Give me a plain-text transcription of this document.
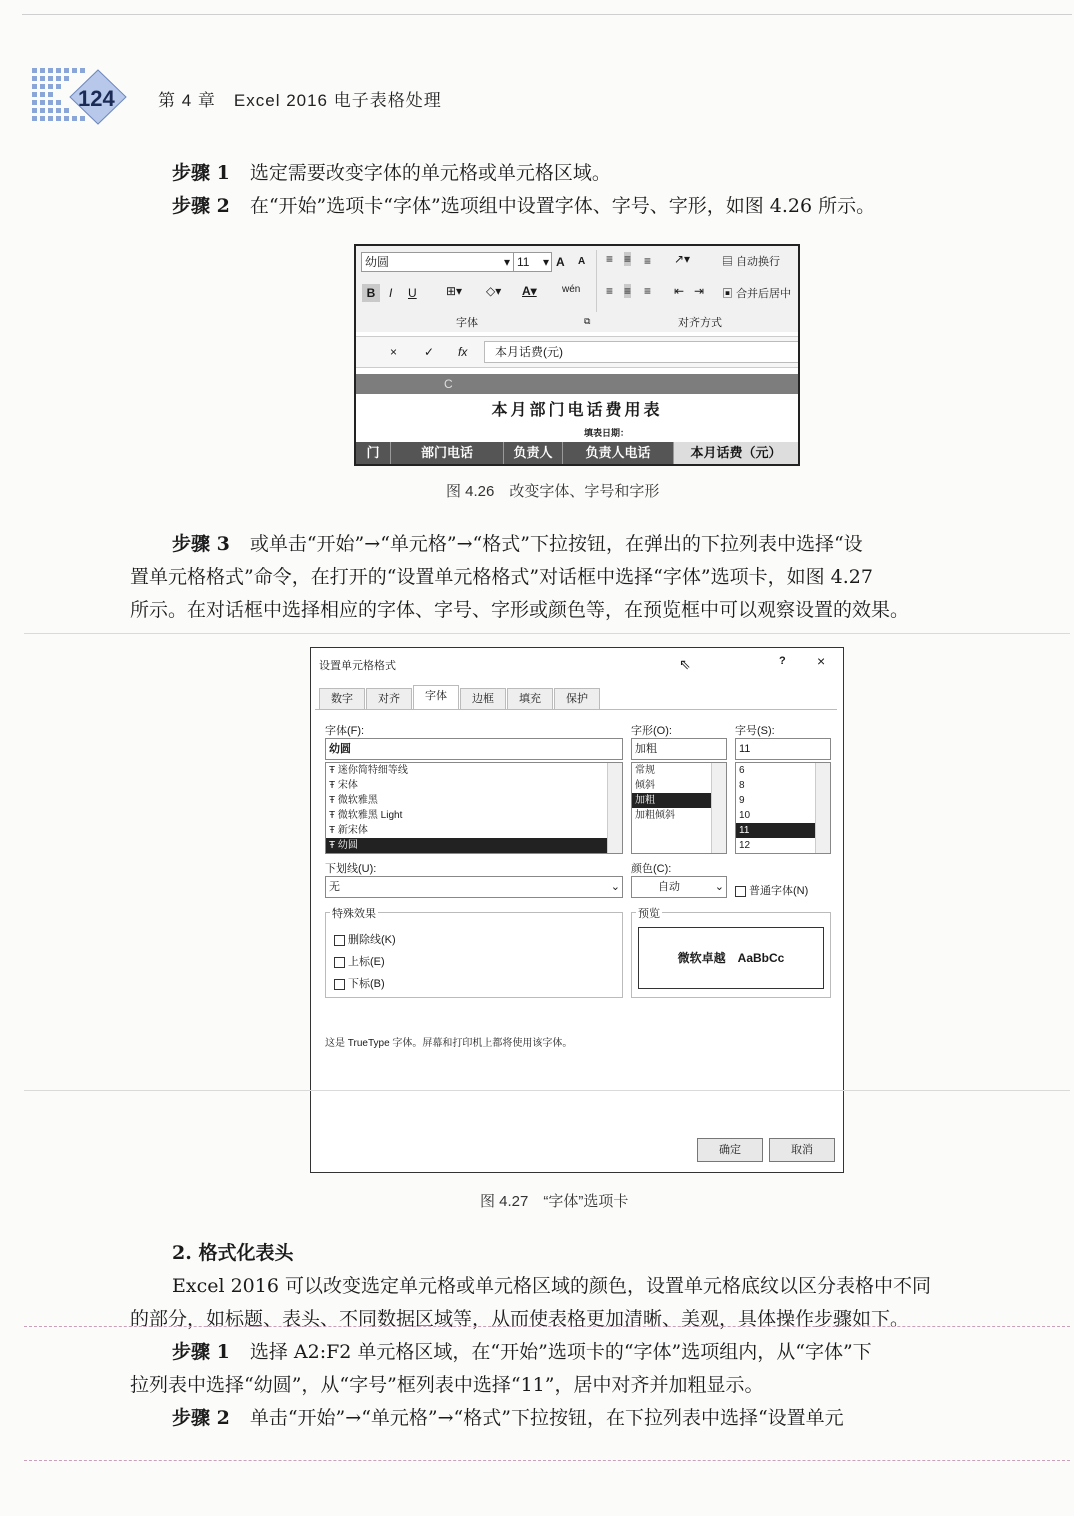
124	第 4 章　Excel 2016 电子表格处理
步骤 1 选定需要改变字体的单元格或单元格区域。
步骤 2 在“开始”选项卡“字体”选项组中设置字体、字号、字形，如图 4.26 所示。
幼圆	▾ 11 ▾ A A
B	I U ⊞▾ ◇▾ A▾	wén
≡ ≡ ≡ ↗▾	▤ 自动换行
≡ ≡ ≡ ⇤ ⇥ ▣ 合并后居中
字体	⧉	对齐方式
× ✓ fx	本月话费(元)
C
本月部门电话费用表
填表日期：
门	部门电话	负责人	负责人电话	本月话费（元）
图 4.26　改变字体、字号和字形
步骤 3 或单击“开始”→“单元格”→“格式”下拉按钮，在弹出的下拉列表中选择“设
置单元格格式”命令，在打开的“设置单元格格式”对话框中选择“字体”选项卡，如图 4.27
所示。在对话框中选择相应的字体、字号、字形或颜色等，在预览框中可以观察设置的效果。
设置单元格格式	⇖	? ×
数字	对齐	字体	边框	填充	保护
字体(F):
幼圆
Ŧ 迷你简特细等线
Ŧ 宋体
Ŧ 微软雅黑
Ŧ 微软雅黑 Light
Ŧ 新宋体
Ŧ 幼圆
字形(O):
加粗
常规
倾斜
加粗
加粗倾斜
字号(S):
11
6
8
9
10
11
12
下划线(U):
无	⌄
颜色(C):
自动	⌄	普通字体(N)
特殊效果
删除线(K)
上标(E)
下标(B)
预览
微软卓越　AaBbCc
这是 TrueType 字体。屏幕和打印机上都将使用该字体。
确定	取消
图 4.27　“字体”选项卡
2. 格式化表头
Excel 2016 可以改变选定单元格或单元格区域的颜色，设置单元格底纹以区分表格中不同
的部分，如标题、表头、不同数据区域等，从而使表格更加清晰、美观，具体操作步骤如下。
步骤 1 选择 A2:F2 单元格区域，在“开始”选项卡的“字体”选项组内，从“字体”下
拉列表中选择“幼圆”，从“字号”框列表中选择“11”，居中对齐并加粗显示。
步骤 2 单击“开始”→“单元格”→“格式”下拉按钮，在下拉列表中选择“设置单元
